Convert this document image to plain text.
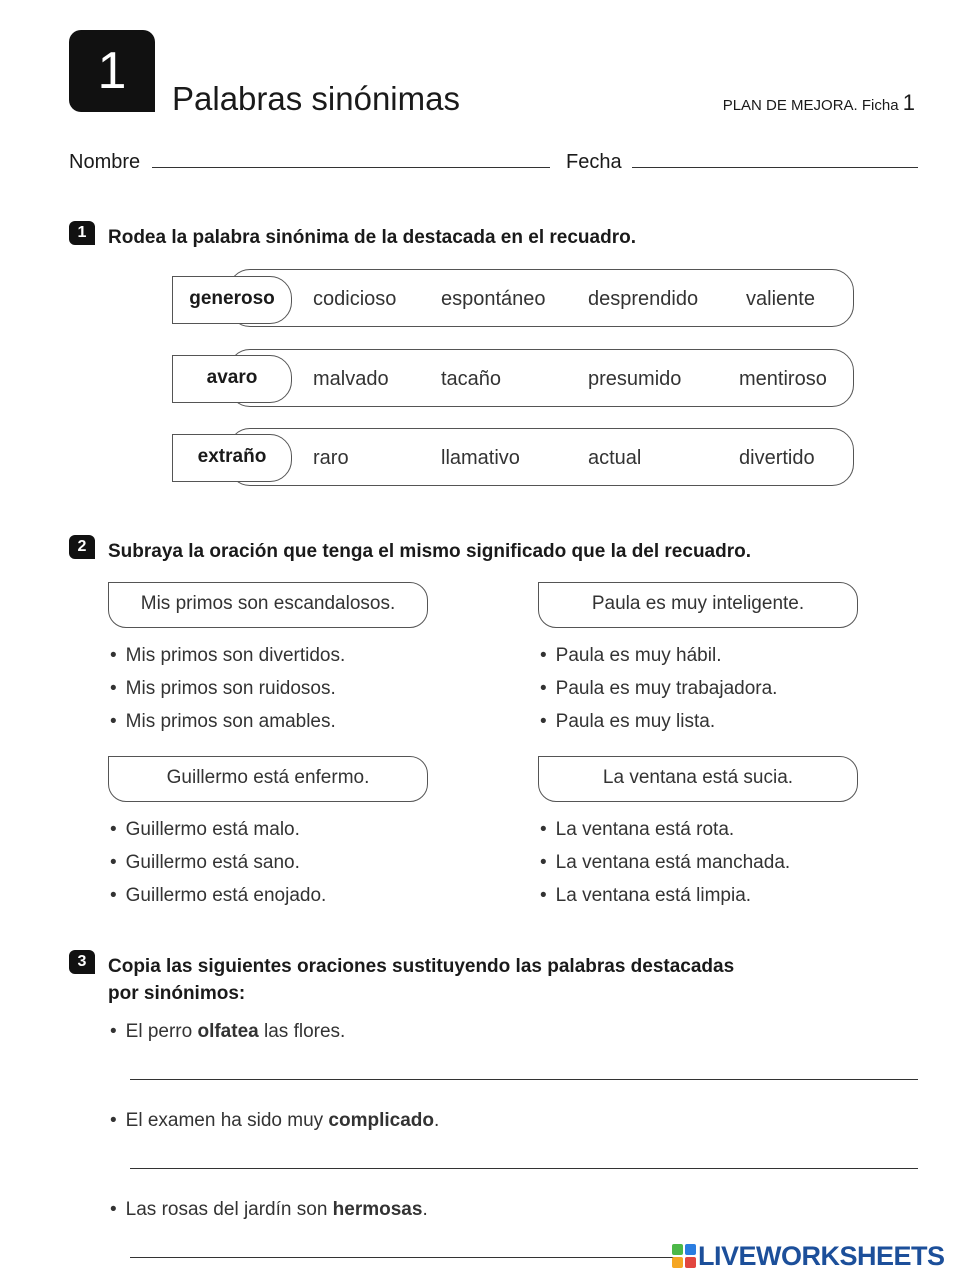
1	Palabras sinónimas	PLAN DE MEJORA. Ficha 1
Nombre	Fecha
1	Rodea la palabra sinónima de la destacada en el recuadro.
generoso	codicioso espontáneo desprendido valiente
avaro	malvado	tacaño	presumido	mentiroso
extraño	raro	llamativo	actual	divertido
2	Subraya la oración que tenga el mismo significado que la del recuadro.
Mis primos son escandalosos.
• Mis primos son divertidos.
• Mis primos son ruidosos.
• Mis primos son amables.
Paula es muy inteligente.
• Paula es muy hábil.
• Paula es muy trabajadora.
• Paula es muy lista.
Guillermo está enfermo.
• Guillermo está malo.
• Guillermo está sano.
• Guillermo está enojado.
La ventana está sucia.
• La ventana está rota.
• La ventana está manchada.
• La ventana está limpia.
3	Copia las siguientes oraciones sustituyendo las palabras destacadas
por sinónimos:
• El perro olfatea las flores.
• El examen ha sido muy complicado.
• Las rosas del jardín son hermosas.
LIVEWORKSHEETS
